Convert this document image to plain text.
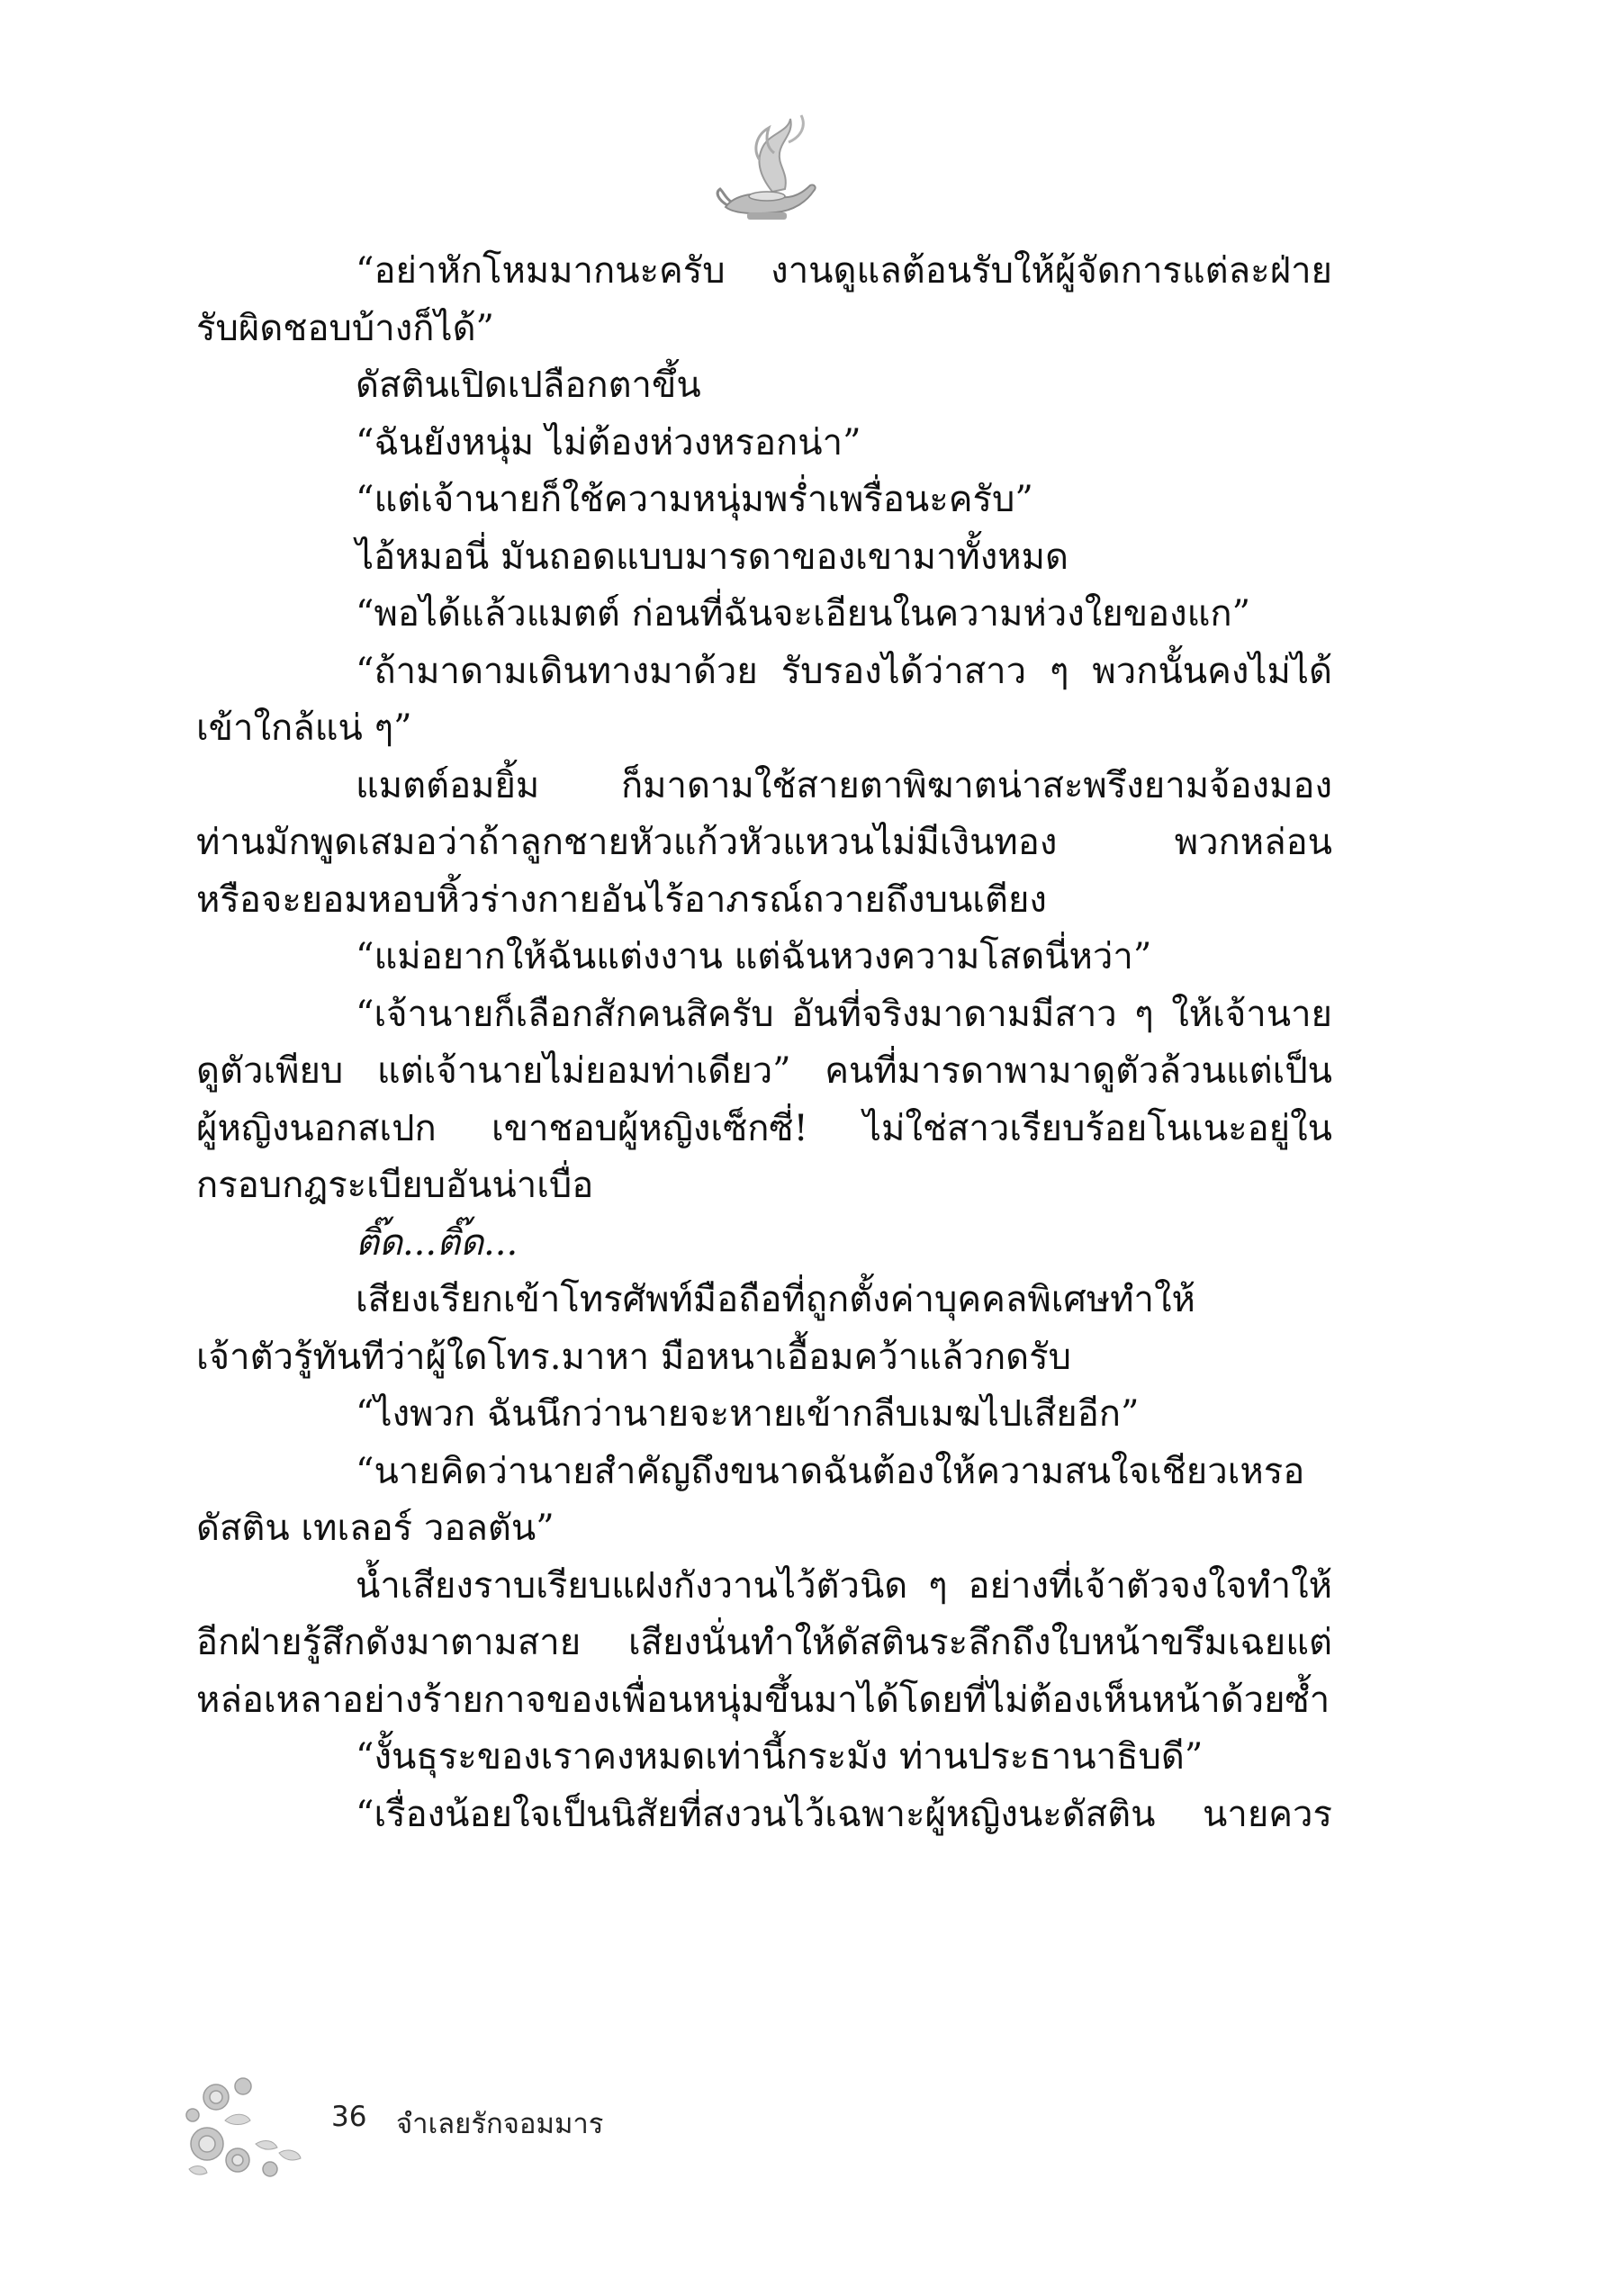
“อย่าหักโหมมากนะครับ งานดูแลต้อนรับให้ผู้จัดการแต่ละฝ่าย
รับผิดชอบบ้างก็ได้”
ดัสตินเปิดเปลือกตาขึ้น
“ฉันยังหนุ่ม ไม่ต้องห่วงหรอกน่า”
“แต่เจ้านายก็ใช้ความหนุ่มพร่ำเพรื่อนะครับ”
ไอ้หมอนี่ มันถอดแบบมารดาของเขามาทั้งหมด
“พอได้แล้วแมตต์ ก่อนที่ฉันจะเอียนในความห่วงใยของแก”
“ถ้ามาดามเดินทางมาด้วย รับรองได้ว่าสาว ๆ พวกนั้นคงไม่ได้
เข้าใกล้แน่ ๆ”
แมตต์อมยิ้ม ก็มาดามใช้สายตาพิฆาตน่าสะพรึงยามจ้องมอง
ท่านมักพูดเสมอว่าถ้าลูกชายหัวแก้วหัวแหวนไม่มีเงินทอง พวกหล่อน
หรือจะยอมหอบหิ้วร่างกายอันไร้อาภรณ์ถวายถึงบนเตียง
“แม่อยากให้ฉันแต่งงาน แต่ฉันหวงความโสดนี่หว่า”
“เจ้านายก็เลือกสักคนสิครับ อันที่จริงมาดามมีสาว ๆ ให้เจ้านาย
ดูตัวเพียบ แต่เจ้านายไม่ยอมท่าเดียว” คนที่มารดาพามาดูตัวล้วนแต่เป็น
ผู้หญิงนอกสเปก เขาชอบผู้หญิงเซ็กซี่! ไม่ใช่สาวเรียบร้อยโนเนะอยู่ใน
กรอบกฎระเบียบอันน่าเบื่อ
ติ๊ด...ติ๊ด...
เสียงเรียกเข้าโทรศัพท์มือถือที่ถูกตั้งค่าบุคคลพิเศษทำให้
เจ้าตัวรู้ทันทีว่าผู้ใดโทร.มาหา มือหนาเอื้อมคว้าแล้วกดรับ
“ไงพวก ฉันนึกว่านายจะหายเข้ากลีบเมฆไปเสียอีก”
“นายคิดว่านายสำคัญถึงขนาดฉันต้องให้ความสนใจเชียวเหรอ
ดัสติน เทเลอร์ วอลตัน”
น้ำเสียงราบเรียบแฝงกังวานไว้ตัวนิด ๆ อย่างที่เจ้าตัวจงใจทำให้
อีกฝ่ายรู้สึกดังมาตามสาย เสียงนั่นทำให้ดัสตินระลึกถึงใบหน้าขรึมเฉยแต่
หล่อเหลาอย่างร้ายกาจของเพื่อนหนุ่มขึ้นมาได้โดยที่ไม่ต้องเห็นหน้าด้วยซ้ำ
“งั้นธุระของเราคงหมดเท่านี้กระมัง ท่านประธานาธิบดี”
“เรื่องน้อยใจเป็นนิสัยที่สงวนไว้เฉพาะผู้หญิงนะดัสติน นายควร
36 จำเลยรักจอมมาร
